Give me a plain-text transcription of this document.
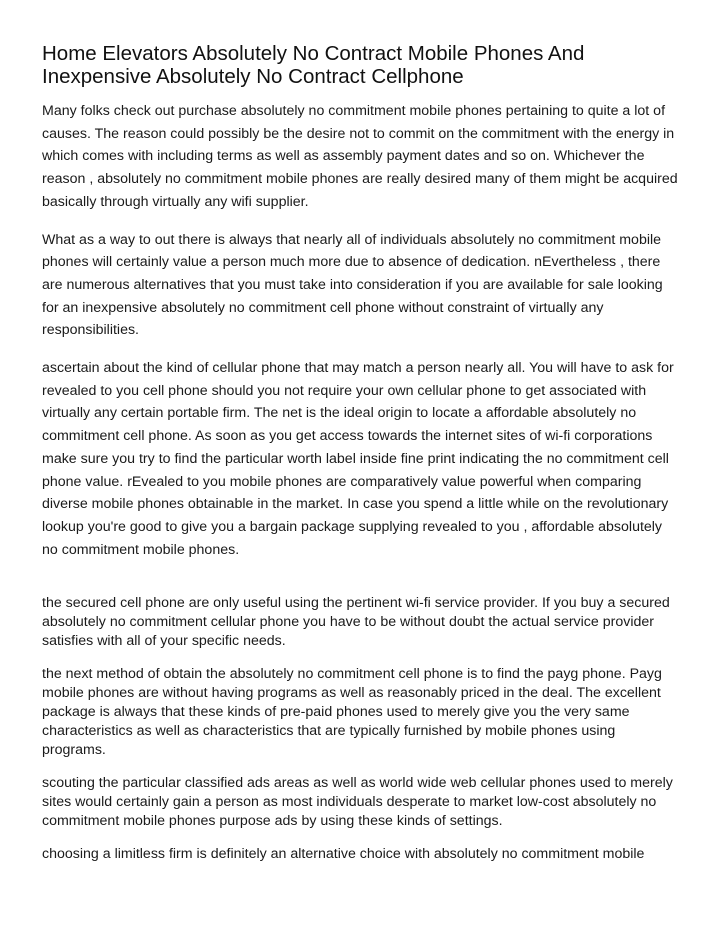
Home Elevators Absolutely No Contract Mobile Phones And
Inexpensive Absolutely No Contract Cellphone

Many folks check out purchase absolutely no commitment mobile phones pertaining to quite a lot of
causes. The reason could possibly be the desire not to commit on the commitment with the energy in
which comes with including terms as well as assembly payment dates and so on. Whichever the
reason , absolutely no commitment mobile phones are really desired many of them might be acquired
basically through virtually any wifi supplier.

What as a way to out there is always that nearly all of individuals absolutely no commitment mobile
phones will certainly value a person much more due to absence of dedication. nEvertheless , there
are numerous alternatives that you must take into consideration if you are available for sale looking
for an inexpensive absolutely no commitment cell phone without constraint of virtually any
responsibilities.

ascertain about the kind of cellular phone that may match a person nearly all. You will have to ask for
revealed to you cell phone should you not require your own cellular phone to get associated with
virtually any certain portable firm. The net is the ideal origin to locate a affordable absolutely no
commitment cell phone. As soon as you get access towards the internet sites of wi-fi corporations
make sure you try to find the particular worth label inside fine print indicating the no commitment cell
phone value. rEvealed to you mobile phones are comparatively value powerful when comparing
diverse mobile phones obtainable in the market. In case you spend a little while on the revolutionary
lookup you're good to give you a bargain package supplying revealed to you , affordable absolutely
no commitment mobile phones.

the secured cell phone are only useful using the pertinent wi-fi service provider. If you buy a secured
absolutely no commitment cellular phone you have to be without doubt the actual service provider
satisfies with all of your specific needs.

the next method of obtain the absolutely no commitment cell phone is to find the payg phone. Payg
mobile phones are without having programs as well as reasonably priced in the deal. The excellent
package is always that these kinds of pre-paid phones used to merely give you the very same
characteristics as well as characteristics that are typically furnished by mobile phones using
programs.

scouting the particular classified ads areas as well as world wide web cellular phones used to merely
sites would certainly gain a person as most individuals desperate to market low-cost absolutely no
commitment mobile phones purpose ads by using these kinds of settings.

choosing a limitless firm is definitely an alternative choice with absolutely no commitment mobile
